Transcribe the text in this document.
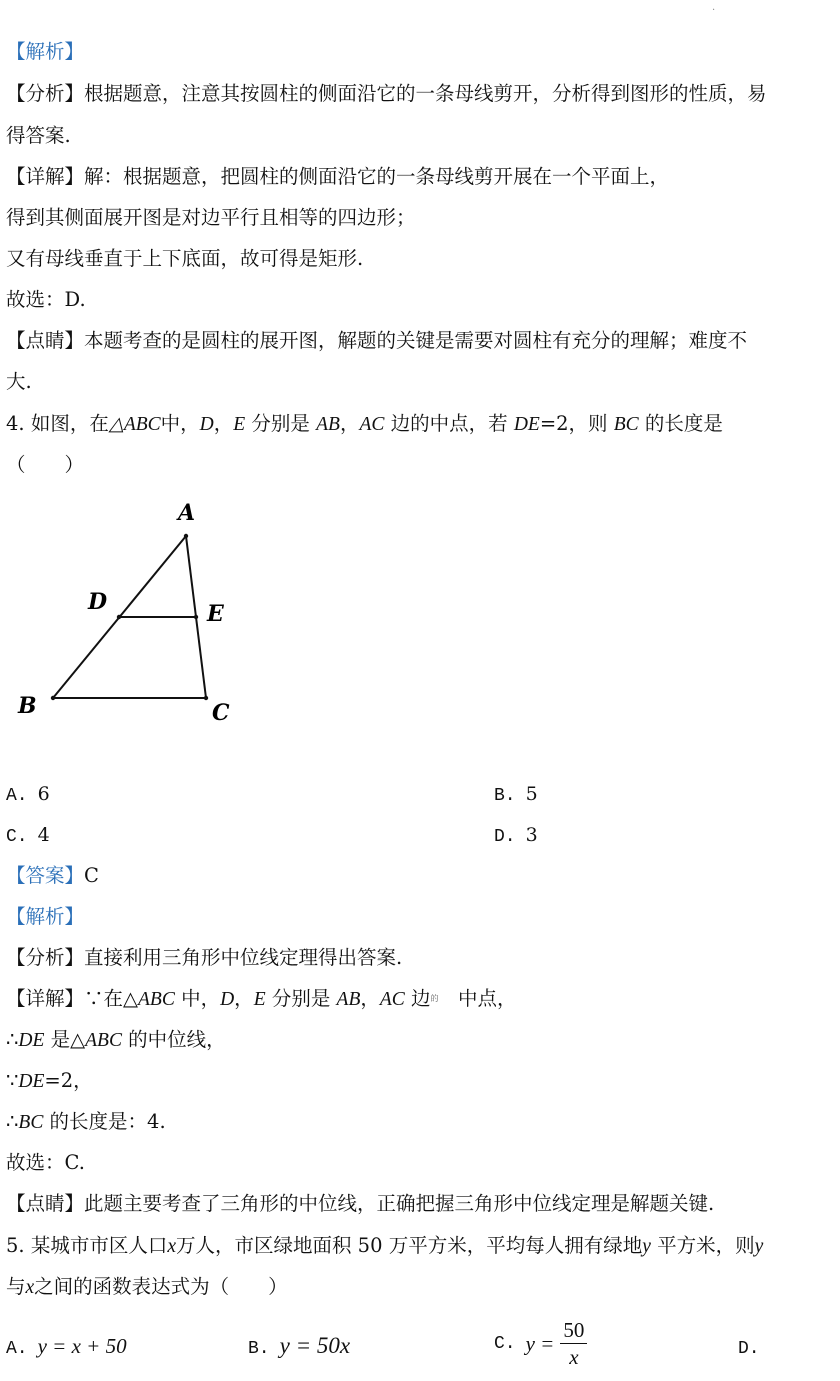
.
【解析】
【分析】根据题意，注意其按圆柱的侧面沿它的一条母线剪开，分析得到图形的性质，易
得答案.
【详解】解：根据题意，把圆柱的侧面沿它的一条母线剪开展在一个平面上，
得到其侧面展开图是对边平行且相等的四边形；
又有母线垂直于上下底面，故可得是矩形.
故选：D.
【点睛】本题考查的是圆柱的展开图，解题的关键是需要对圆柱有充分的理解；难度不
大.
4. 如图，在△ABC中，D，E 分别是 AB，AC 边的中点，若 DE=2，则 BC 的长度是
（　　）
A
D	E
B	C
A. 6	B. 5
C. 4	D. 3
【答案】C
【解析】
【分析】直接利用三角形中位线定理得出答案.
【详解】∵在△ABC 中，D，E 分别是 AB，AC 边$^的$　 中点，
∴DE 是△ABC 的中位线，
∵DE=2，
∴BC 的长度是：4.
故选：C.
【点睛】此题主要考查了三角形的中位线，正确把握三角形中位线定理是解题关键.
5. 某城市市区人口x万人，市区绿地面积 50 万平方米，平均每人拥有绿地y 平方米，则y
与x之间的函数表达式为（　　）
A. y = x + 50	B. y = 50x	C. $y = \frac{50}{x}$	D.
